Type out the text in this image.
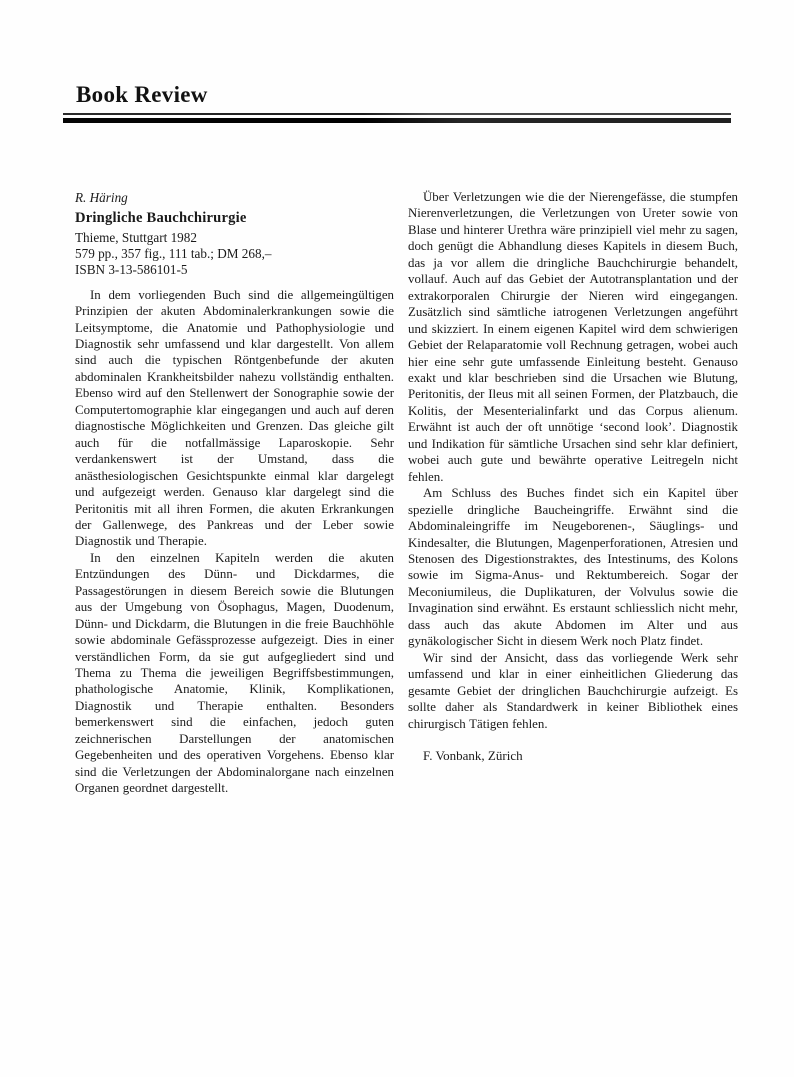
Book Review

R. Häring

Dringliche Bauchchirurgie

Thieme, Stuttgart 1982

579 pp., 357 fig., 111 tab.; DM 268,–

ISBN 3-13-586101-5

In dem vorliegenden Buch sind die allgemeingültigen Prinzipien der akuten Abdominalerkrankungen sowie die Leitsymptome, die Anatomie und Pathophysiologie und Diagnostik sehr umfassend und klar dargestellt. Von allem sind auch die typischen Röntgenbefunde der akuten abdominalen Krankheitsbilder nahezu vollständig enthalten. Ebenso wird auf den Stellenwert der Sonographie sowie der Computertomographie klar eingegangen und auch auf deren diagnostische Möglichkeiten und Grenzen. Das gleiche gilt auch für die notfallmässige Laparoskopie. Sehr verdankenswert ist der Umstand, dass die anästhesiologischen Gesichtspunkte einmal klar dargelegt und aufgezeigt werden. Genauso klar dargelegt sind die Peritonitis mit all ihren Formen, die akuten Erkrankungen der Gallenwege, des Pankreas und der Leber sowie Diagnostik und Therapie.

In den einzelnen Kapiteln werden die akuten Entzündungen des Dünn- und Dickdarmes, die Passagestörungen in diesem Bereich sowie die Blutungen aus der Umgebung von Ösophagus, Magen, Duodenum, Dünn- und Dickdarm, die Blutungen in die freie Bauchhöhle sowie abdominale Gefässprozesse aufgezeigt. Dies in einer verständlichen Form, da sie gut aufgegliedert sind und Thema zu Thema die jeweiligen Begriffsbestimmungen, phathologische Anatomie, Klinik, Komplikationen, Diagnostik und Therapie enthalten. Besonders bemerkenswert sind die einfachen, jedoch guten zeichnerischen Darstellungen der anatomischen Gegebenheiten und des operativen Vorgehens. Ebenso klar sind die Verletzungen der Abdominalorgane nach einzelnen Organen geordnet dargestellt.

Über Verletzungen wie die der Nierengefässe, die stumpfen Nierenverletzungen, die Verletzungen von Ureter sowie von Blase und hinterer Urethra wäre prinzipiell viel mehr zu sagen, doch genügt die Abhandlung dieses Kapitels in diesem Buch, das ja vor allem die dringliche Bauchchirurgie behandelt, vollauf. Auch auf das Gebiet der Autotransplantation und der extrakorporalen Chirurgie der Nieren wird eingegangen. Zusätzlich sind sämtliche iatrogenen Verletzungen angeführt und skizziert. In einem eigenen Kapitel wird dem schwierigen Gebiet der Relaparatomie voll Rechnung getragen, wobei auch hier eine sehr gute umfassende Einleitung besteht. Genauso exakt und klar beschrieben sind die Ursachen wie Blutung, Peritonitis, der Ileus mit all seinen Formen, der Platzbauch, die Kolitis, der Mesenterialinfarkt und das Corpus alienum. Erwähnt ist auch der oft unnötige ‘second look’. Diagnostik und Indikation für sämtliche Ursachen sind sehr klar definiert, wobei auch gute und bewährte operative Leitregeln nicht fehlen.

Am Schluss des Buches findet sich ein Kapitel über spezielle dringliche Baucheingriffe. Erwähnt sind die Abdominaleingriffe im Neugeborenen-, Säuglings- und Kindesalter, die Blutungen, Magenperforationen, Atresien und Stenosen des Digestionstraktes, des Intestinums, des Kolons sowie im Sigma-Anus- und Rektumbereich. Sogar der Meconiumileus, die Duplikaturen, der Volvulus sowie die Invagination sind erwähnt. Es erstaunt schliesslich nicht mehr, dass auch das akute Abdomen im Alter und aus gynäkologischer Sicht in diesem Werk noch Platz findet.

Wir sind der Ansicht, dass das vorliegende Werk sehr umfassend und klar in einer einheitlichen Gliederung das gesamte Gebiet der dringlichen Bauchchirurgie aufzeigt. Es sollte daher als Standardwerk in keiner Bibliothek eines chirurgisch Tätigen fehlen.

F. Vonbank, Zürich
